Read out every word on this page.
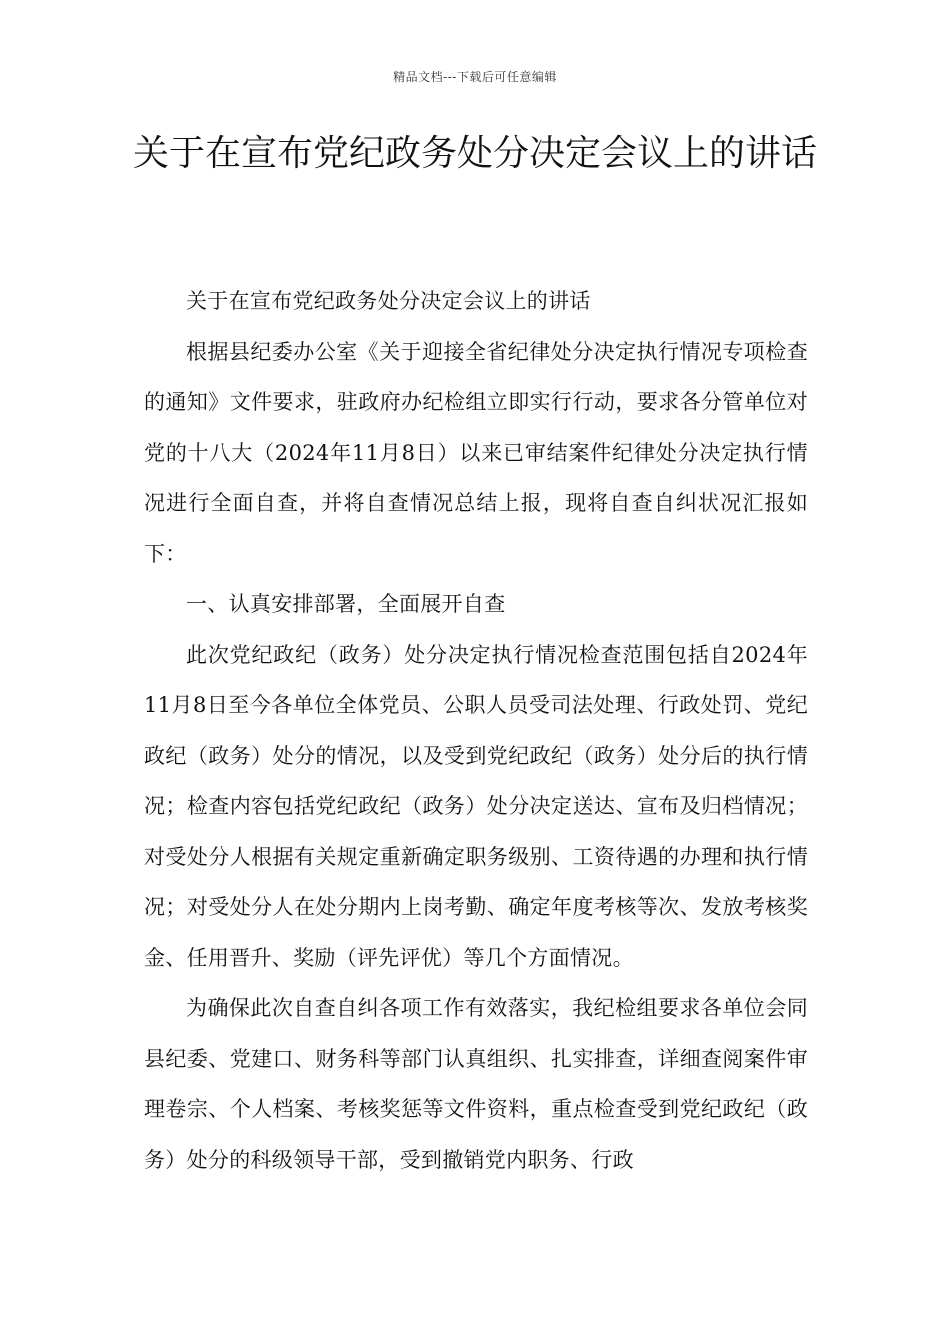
精品文档---下载后可任意编辑
关于在宣布党纪政务处分决定会议上的讲话

关于在宣布党纪政务处分决定会议上的讲话

根据县纪委办公室《关于迎接全省纪律处分决定执行情况专项检查的通知》文件要求，驻政府办纪检组立即实行行动，要求各分管单位对党的十八大（2024年11月8日）以来已审结案件纪律处分决定执行情况进行全面自查，并将自查情况总结上报，现将自查自纠状况汇报如下：

一、认真安排部署，全面展开自查

此次党纪政纪（政务）处分决定执行情况检查范围包括自2024年11月8日至今各单位全体党员、公职人员受司法处理、行政处罚、党纪政纪（政务）处分的情况，以及受到党纪政纪（政务）处分后的执行情况；检查内容包括党纪政纪（政务）处分决定送达、宣布及归档情况；对受处分人根据有关规定重新确定职务级别、工资待遇的办理和执行情况；对受处分人在处分期内上岗考勤、确定年度考核等次、发放考核奖金、任用晋升、奖励（评先评优）等几个方面情况。

为确保此次自查自纠各项工作有效落实，我纪检组要求各单位会同县纪委、党建口、财务科等部门认真组织、扎实排查，详细查阅案件审理卷宗、个人档案、考核奖惩等文件资料，重点检查受到党纪政纪（政务）处分的科级领导干部，受到撤销党内职务、行政
